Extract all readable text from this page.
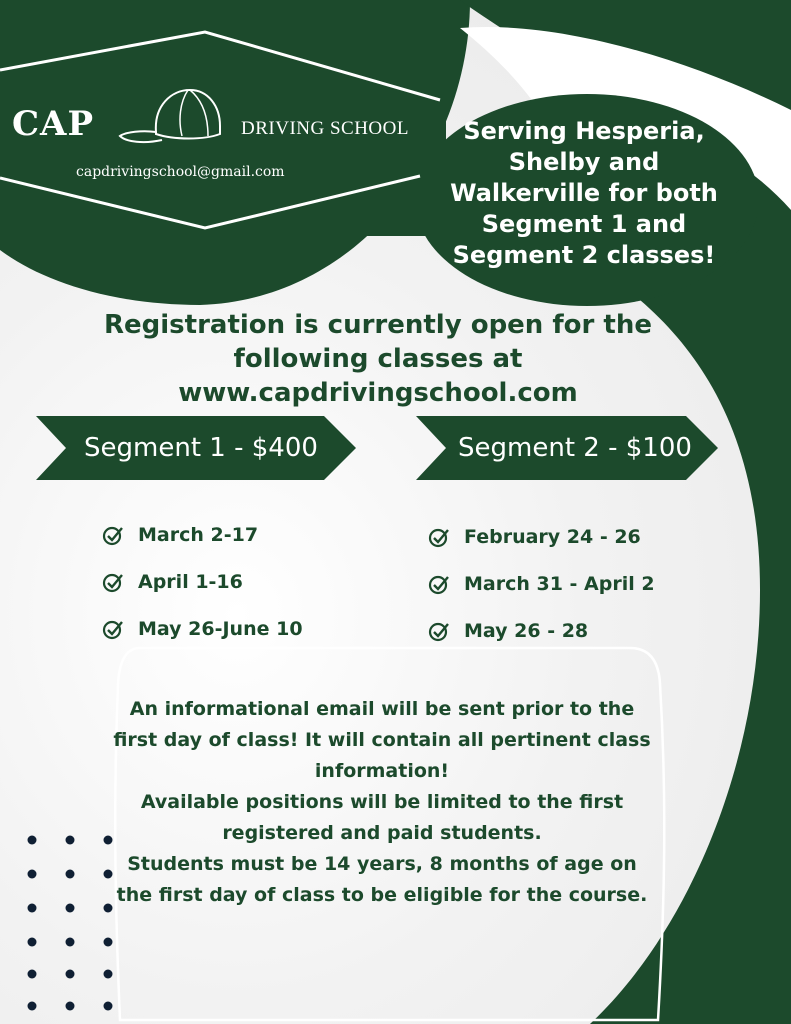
CAP	DRIVING SCHOOL
capdrivingschool@gmail.com
Serving Hesperia, Shelby and Walkerville for both Segment 1 and Segment 2 classes!
Registration is currently open for the
following classes at
www.capdrivingschool.com
Segment 1 - $400	Segment 2 - $100
March 2-17
April 1-16
May 26-June 10
February 24 - 26
March 31 - April 2
May 26 - 28

An informational email will be sent prior to the first day of class! It will contain all pertinent class information!

Available positions will be limited to the first registered and paid students.

Students must be 14 years, 8 months of age on the first day of class to be eligible for the course.
